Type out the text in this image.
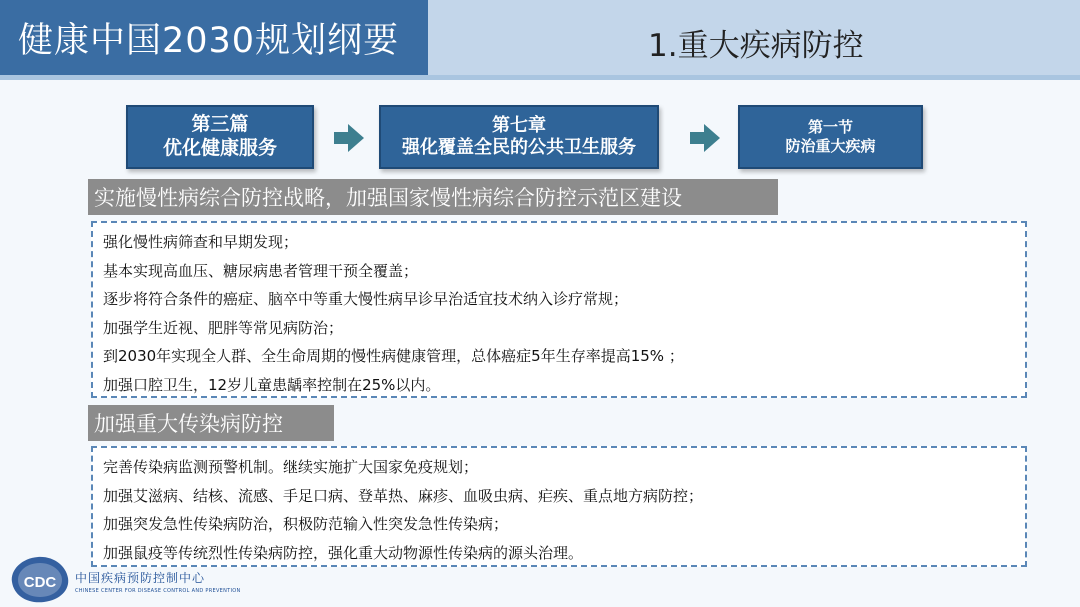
健康中国2030规划纲要	1.重大疾病防控
第三篇
优化健康服务
第七章
强化覆盖全民的公共卫生服务
第一节
防治重大疾病
实施慢性病综合防控战略，加强国家慢性病综合防控示范区建设
强化慢性病筛查和早期发现；
基本实现高血压、糖尿病患者管理干预全覆盖；
逐步将符合条件的癌症、脑卒中等重大慢性病早诊早治适宜技术纳入诊疗常规；
加强学生近视、肥胖等常见病防治；
到2030年实现全人群、全生命周期的慢性病健康管理，总体癌症5年生存率提高15% ；
加强口腔卫生，12岁儿童患龋率控制在25%以内。
加强重大传染病防控
完善传染病监测预警机制。继续实施扩大国家免疫规划；
加强艾滋病、结核、流感、手足口病、登革热、麻疹、血吸虫病、疟疾、重点地方病防控；
加强突发急性传染病防治，积极防范输入性突发急性传染病；
加强鼠疫等传统烈性传染病防控，强化重大动物源性传染病的源头治理。
CDC 中国疾病预防控制中心
CHINESE CENTER FOR DISEASE CONTROL AND PREVENTION
